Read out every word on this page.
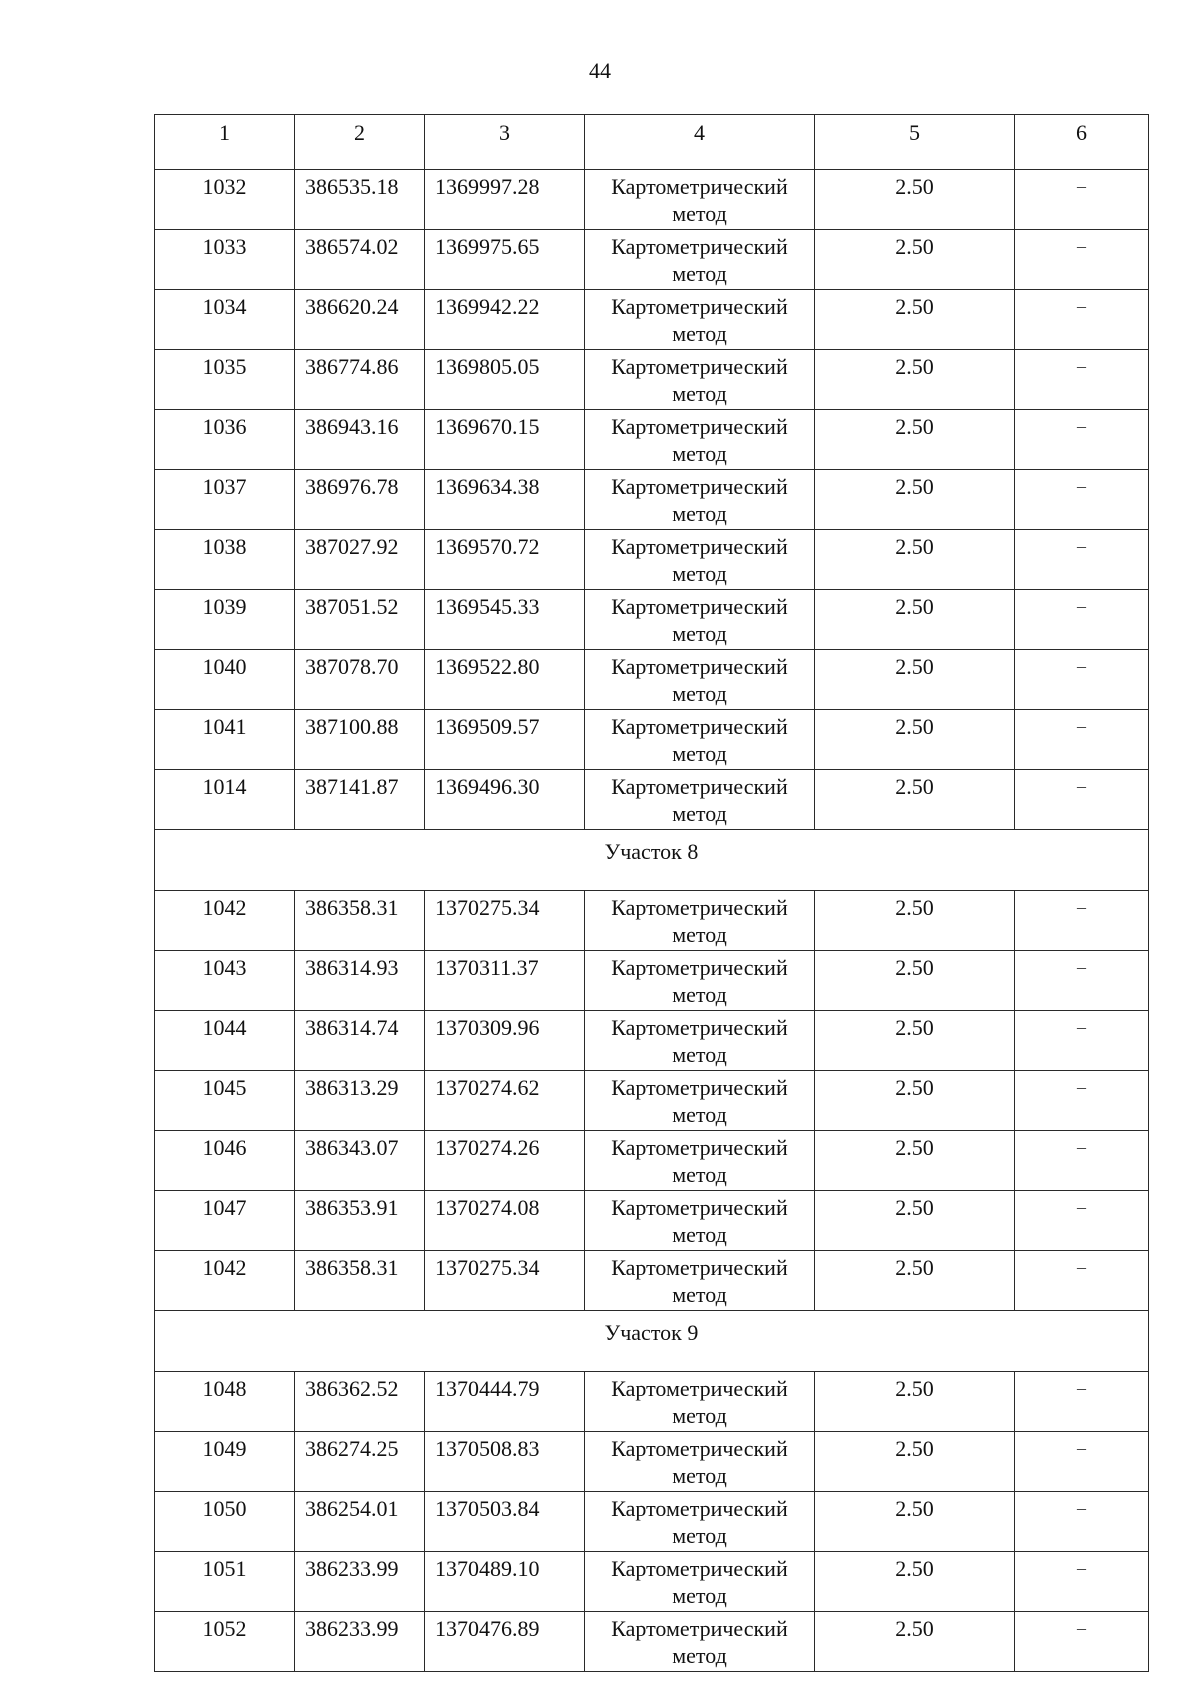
44
1	2	3	4	5	6
1032	386535.18	1369997.28	Картометрический метод	2.50	–
1033	386574.02	1369975.65	Картометрический метод	2.50	–
1034	386620.24	1369942.22	Картометрический метод	2.50	–
1035	386774.86	1369805.05	Картометрический метод	2.50	–
1036	386943.16	1369670.15	Картометрический метод	2.50	–
1037	386976.78	1369634.38	Картометрический метод	2.50	–
1038	387027.92	1369570.72	Картометрический метод	2.50	–
1039	387051.52	1369545.33	Картометрический метод	2.50	–
1040	387078.70	1369522.80	Картометрический метод	2.50	–
1041	387100.88	1369509.57	Картометрический метод	2.50	–
1014	387141.87	1369496.30	Картометрический метод	2.50	–
Участок 8					
1042	386358.31	1370275.34	Картометрический метод	2.50	–
1043	386314.93	1370311.37	Картометрический метод	2.50	–
1044	386314.74	1370309.96	Картометрический метод	2.50	–
1045	386313.29	1370274.62	Картометрический метод	2.50	–
1046	386343.07	1370274.26	Картометрический метод	2.50	–
1047	386353.91	1370274.08	Картометрический метод	2.50	–
1042	386358.31	1370275.34	Картометрический метод	2.50	–
Участок 9					
1048	386362.52	1370444.79	Картометрический метод	2.50	–
1049	386274.25	1370508.83	Картометрический метод	2.50	–
1050	386254.01	1370503.84	Картометрический метод	2.50	–
1051	386233.99	1370489.10	Картометрический метод	2.50	–
1052	386233.99	1370476.89	Картометрический метод	2.50	–
